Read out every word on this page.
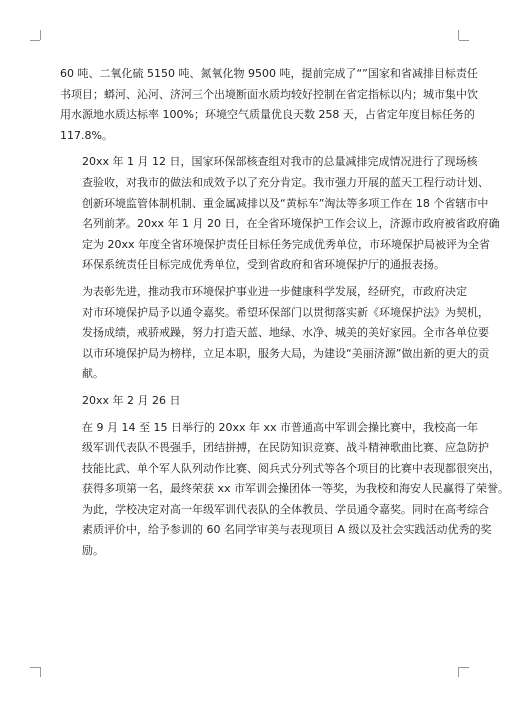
60 吨、二氧化硫 5150 吨、氮氧化物 9500 吨，提前完成了“”国家和省减排目标责任
书项目；蟒河、沁河、济河三个出境断面水质均较好控制在省定指标以内；城市集中饮
用水源地水质达标率 100%；环境空气质量优良天数 258 天，占省定年度目标任务的
117.8%。

20xx 年 1 月 12 日，国家环保部核查组对我市的总量减排完成情况进行了现场核
查验收，对我市的做法和成效予以了充分肯定。我市强力开展的蓝天工程行动计划、
创新环境监管体制机制、重金属减排以及“黄标车”淘汰等多项工作在 18 个省辖市中
名列前茅。20xx 年 1 月 20 日，在全省环境保护工作会议上，济源市政府被省政府确
定为 20xx 年度全省环境保护责任目标任务完成优秀单位，市环境保护局被评为全省
环保系统责任目标完成优秀单位，受到省政府和省环境保护厅的通报表扬。

为表彰先进，推动我市环境保护事业进一步健康科学发展，经研究，市政府决定
对市环境保护局予以通令嘉奖。希望环保部门以贯彻落实新《环境保护法》为契机，
发扬成绩，戒骄戒躁，努力打造天蓝、地绿、水净、城美的美好家园。全市各单位要
以市环境保护局为榜样，立足本职，服务大局，为建设“美丽济源”做出新的更大的贡
献。

20xx 年 2 月 26 日

在 9 月 14 至 15 日举行的 20xx 年 xx 市普通高中军训会操比赛中，我校高一年
级军训代表队不畏强手，团结拼搏，在民防知识竞赛、战斗精神歌曲比赛、应急防护
技能比武、单个军人队列动作比赛、阅兵式分列式等各个项目的比赛中表现都很突出，
获得多项第一名，最终荣获 xx 市军训会操团体一等奖，为我校和海安人民赢得了荣誉。
为此，学校决定对高一年级军训代表队的全体教员、学员通令嘉奖。同时在高考综合
素质评价中，给予参训的 60 名同学审美与表现项目 A 级以及社会实践活动优秀的奖
励。
